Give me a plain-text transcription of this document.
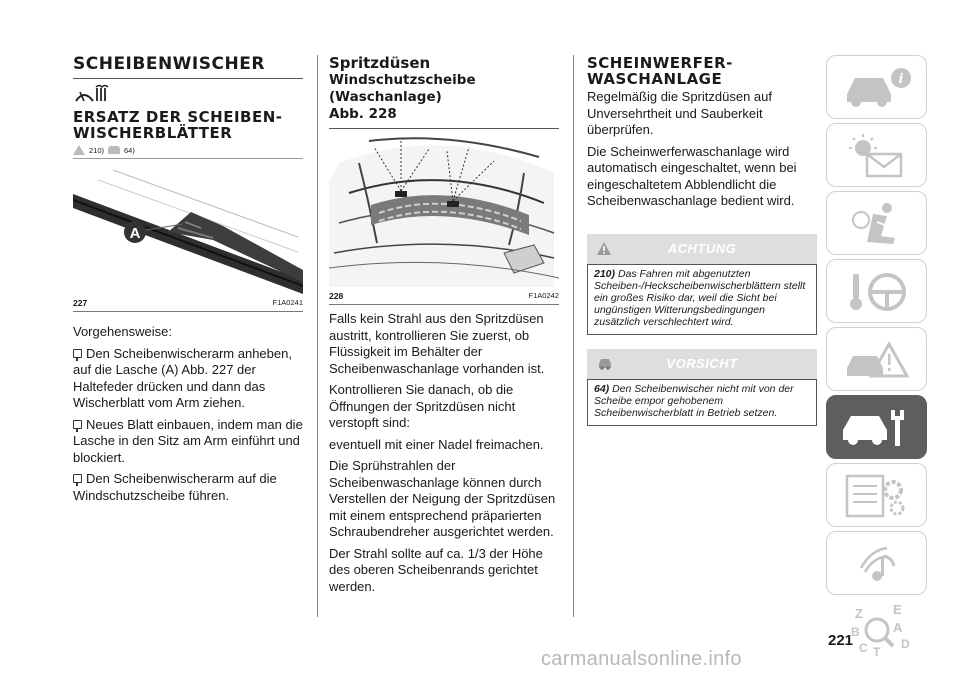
SCHEIBENWISCHER
ERSATZ DER SCHEIBEN-
WISCHERBLÄTTER
210)	64)
A
227	F1A0241

Vorgehensweise:

Den Scheibenwischerarm anheben, auf die Lasche (A) Abb. 227 der Haltefeder drücken und dann das Wischerblatt vom Arm ziehen.

Neues Blatt einbauen, indem man die Lasche in den Sitz am Arm einführt und blockiert.

Den Scheibenwischerarm auf die Windschutzscheibe führen.

Spritzdüsen
Windschutzscheibe (Waschanlage)
Abb. 228
228	F1A0242

Falls kein Strahl aus den Spritzdüsen austritt, kontrollieren Sie zuerst, ob Flüssigkeit im Behälter der Scheibenwaschanlage vorhanden ist.

Kontrollieren Sie danach, ob die Öffnungen der Spritzdüsen nicht verstopft sind:

eventuell mit einer Nadel freimachen.

Die Sprühstrahlen der Scheibenwaschanlage können durch Verstellen der Neigung der Spritzdüsen mit einem entsprechend präparierten Schraubendreher ausgerichtet werden.

Der Strahl sollte auf ca. 1/3 der Höhe des oberen Scheibenrands gerichtet werden.

SCHEINWERFER-
WASCHANLAGE

Regelmäßig die Spritzdüsen auf Unversehrtheit und Sauberkeit überprüfen.

Die Scheinwerferwaschanlage wird automatisch eingeschaltet, wenn bei eingeschaltetem Abblendlicht die Scheibenwaschanlage bedient wird.

ACHTUNG
210) Das Fahren mit abgenutzten Scheiben-/Heckscheibenwischerblättern stellt ein großes Risiko dar, weil die Sicht bei ungünstigen Witterungsbedingungen zusätzlich verschlechtert wird.
VORSICHT
64) Den Scheibenwischer nicht mit von der Scheibe empor gehobenem Scheibenwischerblatt in Betrieb setzen.
i
Z E
B	A
C T
D
221
carmanualsonline.info
